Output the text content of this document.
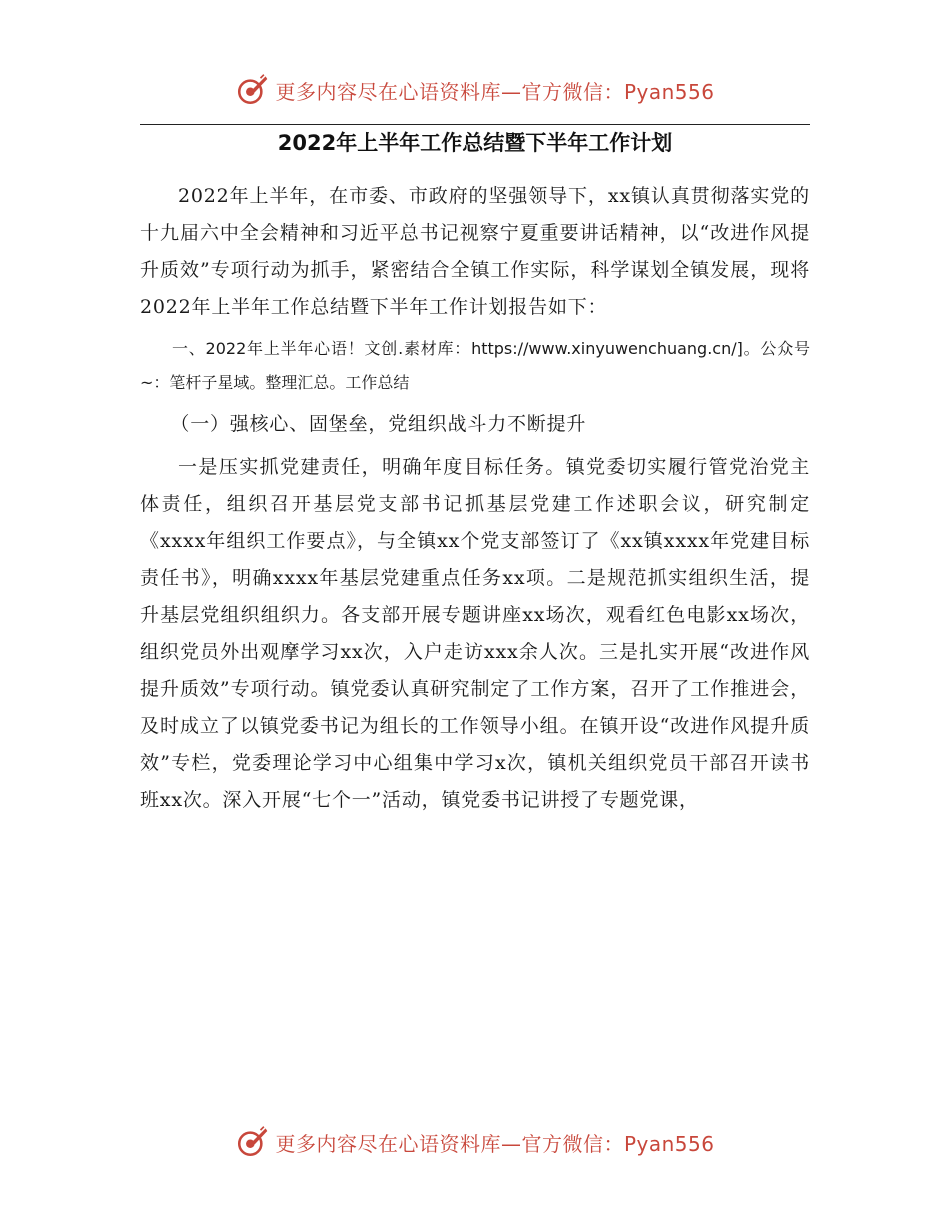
更多内容尽在心语资料库—官方微信：Pyan556
2022年上半年工作总结暨下半年工作计划

2022年上半年，在市委、市政府的坚强领导下，xx镇认真贯彻落实党的十九届六中全会精神和习近平总书记视察宁夏重要讲话精神，以“改进作风提升质效”专项行动为抓手，紧密结合全镇工作实际，科学谋划全镇发展，现将2022年上半年工作总结暨下半年工作计划报告如下：

一、2022年上半年心语！文创.素材库：https://www.xinyuwenchuang.cn/]。公众号~：笔杆子星域。整理汇总。工作总结

（一）强核心、固堡垒，党组织战斗力不断提升

一是压实抓党建责任，明确年度目标任务。镇党委切实履行管党治党主体责任，组织召开基层党支部书记抓基层党建工作述职会议，研究制定《xxxx年组织工作要点》，与全镇xx个党支部签订了《xx镇xxxx年党建目标责任书》，明确xxxx年基层党建重点任务xx项。二是规范抓实组织生活，提升基层党组织组织力。各支部开展专题讲座xx场次，观看红色电影xx场次，组织党员外出观摩学习xx次，入户走访xxx余人次。三是扎实开展“改进作风提升质效”专项行动。镇党委认真研究制定了工作方案，召开了工作推进会，及时成立了以镇党委书记为组长的工作领导小组。在镇开设“改进作风提升质效”专栏，党委理论学习中心组集中学习x次，镇机关组织党员干部召开读书班xx次。深入开展“七个一”活动，镇党委书记讲授了专题党课，

更多内容尽在心语资料库—官方微信：Pyan556
